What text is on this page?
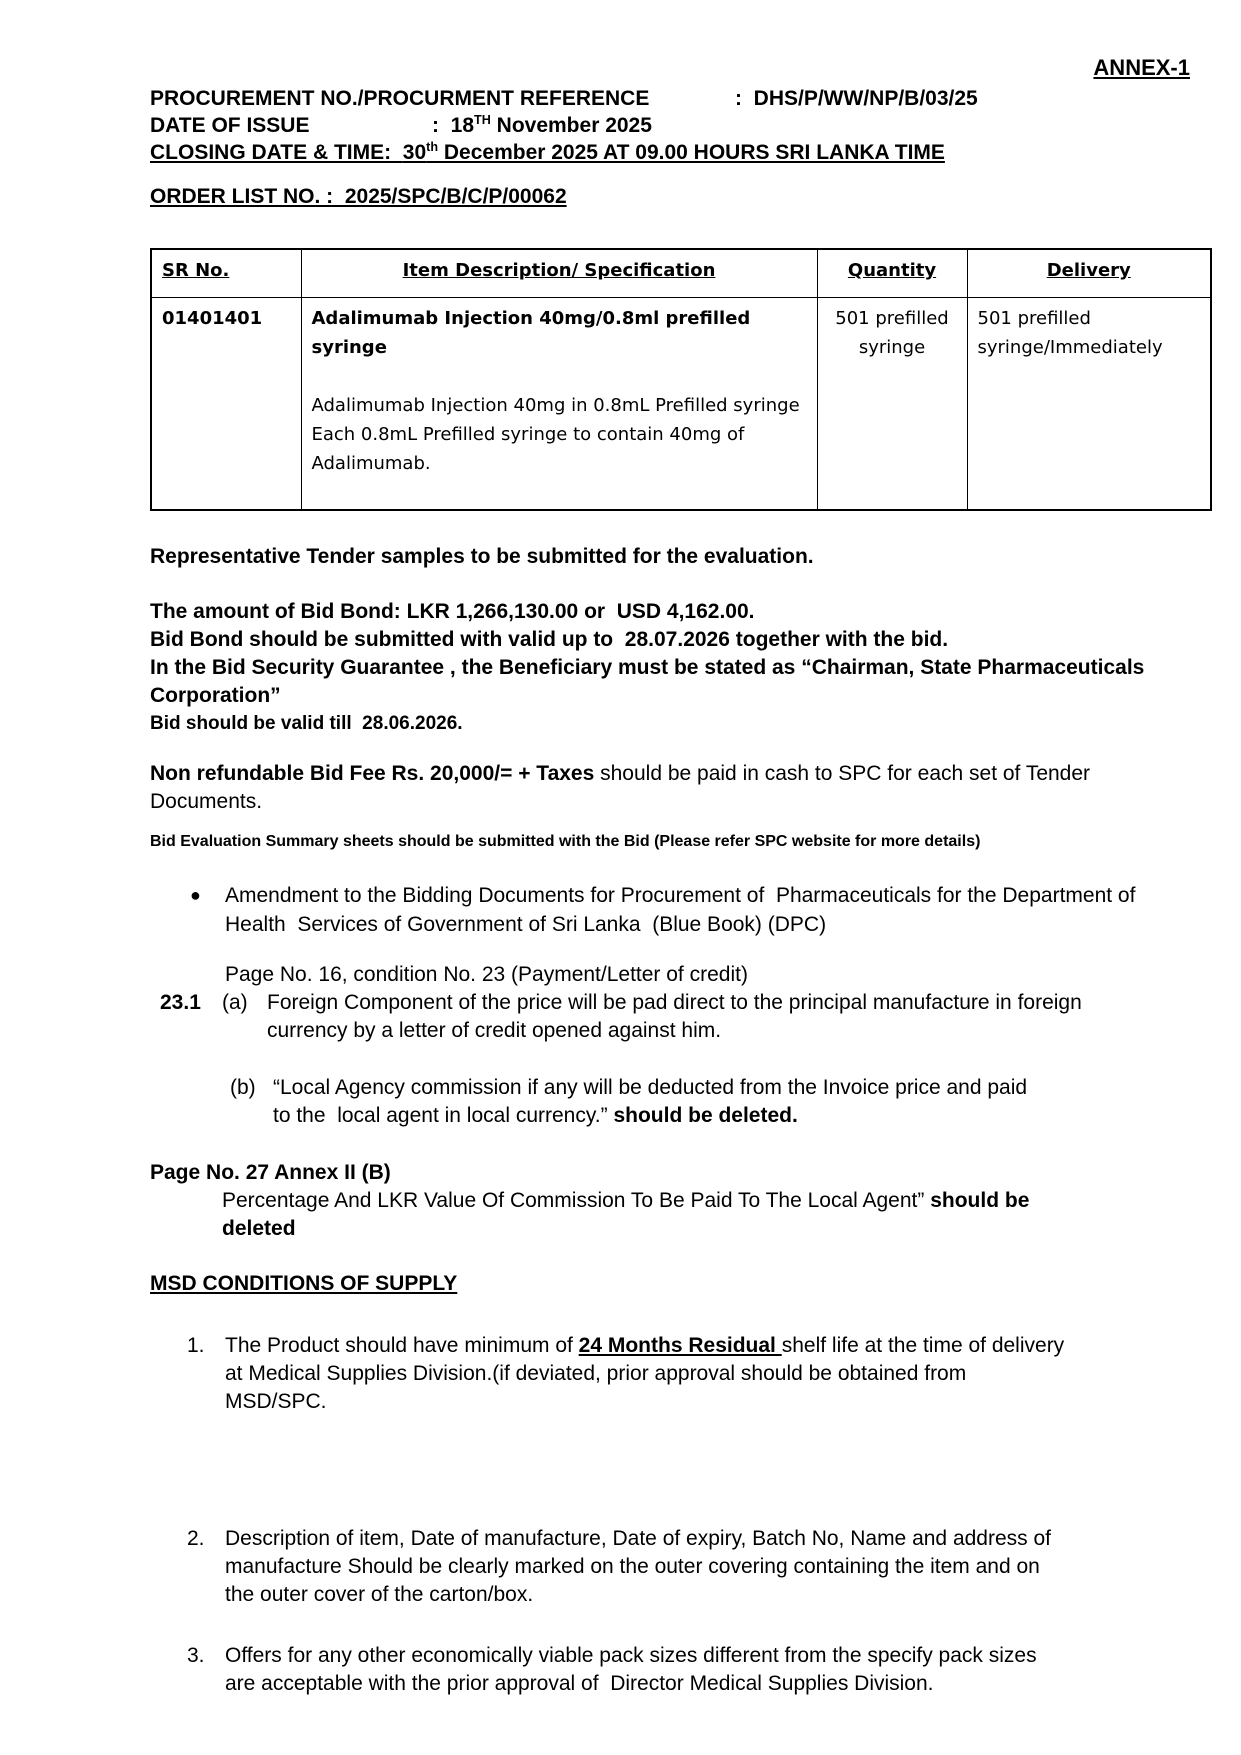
ANNEX-1
PROCUREMENT NO./PROCURMENT REFERENCE	:  DHS/P/WW/NP/B/03/25
DATE OF ISSUE	:  18TH November 2025
CLOSING DATE & TIME:  30th December 2025 AT 09.00 HOURS SRI LANKA TIME
ORDER LIST NO. :  2025/SPC/B/C/P/00062
SR No.	Item Description/ Specification	Quantity	Delivery
01401401	Adalimumab Injection 40mg/0.8ml prefilled syringe
Adalimumab Injection 40mg in 0.8mL Prefilled syringe
Each 0.8mL Prefilled syringe to contain 40mg of Adalimumab.	501 prefilled syringe	501 prefilled syringe/Immediately
Representative Tender samples to be submitted for the evaluation.
The amount of Bid Bond: LKR 1,266,130.00 or  USD 4,162.00.
Bid Bond should be submitted with valid up to  28.07.2026 together with the bid.
In the Bid Security Guarantee , the Beneficiary must be stated as “Chairman, State Pharmaceuticals Corporation”
Bid should be valid till  28.06.2026.
Non refundable Bid Fee Rs. 20,000/= + Taxes should be paid in cash to SPC for each set of Tender Documents.
Bid Evaluation Summary sheets should be submitted with the Bid (Please refer SPC website for more details)
●	Amendment to the Bidding Documents for Procurement of  Pharmaceuticals for the Department of Health  Services of Government of Sri Lanka  (Blue Book) (DPC)
Page No. 16, condition No. 23 (Payment/Letter of credit)
23.1	(a) Foreign Component of the price will be pad direct to the principal manufacture in foreign currency by a letter of credit opened against him.
(b) “Local Agency commission if any will be deducted from the Invoice price and paid to the  local agent in local currency.” should be deleted.
Page No. 27 Annex II (B)
Percentage And LKR Value Of Commission To Be Paid To The Local Agent” should be deleted
MSD CONDITIONS OF SUPPLY
1. The Product should have minimum of 24 Months Residual shelf life at the time of delivery at Medical Supplies Division.(if deviated, prior approval should be obtained from MSD/SPC.
2. Description of item, Date of manufacture, Date of expiry, Batch No, Name and address of manufacture Should be clearly marked on the outer covering containing the item and on the outer cover of the carton/box.
3. Offers for any other economically viable pack sizes different from the specify pack sizes are acceptable with the prior approval of  Director Medical Supplies Division.
